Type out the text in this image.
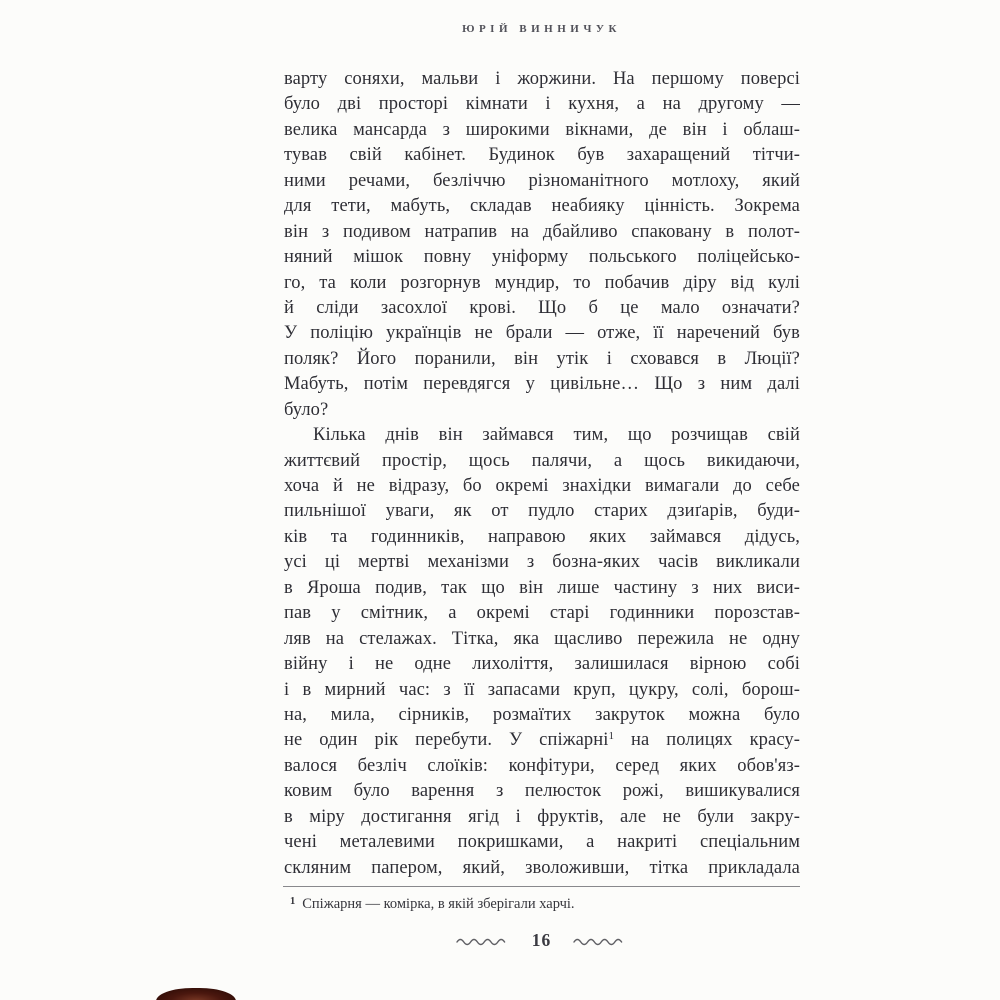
ЮРІЙ ВИННИЧУК
варту соняхи, мальви і жоржини. На першому поверсі
було дві просторі кімнати і кухня, а на другому —
велика мансарда з широкими вікнами, де він і облаш-
тував свій кабінет. Будинок був захаращений тітчи-
ними речами, безліччю різноманітного мотлоху, який
для тети, мабуть, складав неабияку цінність. Зокрема
він з подивом натрапив на дбайливо спаковану в полот-
няний мішок повну уніформу польського поліцейсько-
го, та коли розгорнув мундир, то побачив діру від кулі
й сліди засохлої крові. Що б це мало означати?
У поліцію українців не брали — отже, її наречений був
поляк? Його поранили, він утік і сховався в Люції?
Мабуть, потім перевдягся у цивільне… Що з ним далі
було?
Кілька днів він займався тим, що розчищав свій
життєвий простір, щось палячи, а щось викидаючи,
хоча й не відразу, бо окремі знахідки вимагали до себе
пильнішої уваги, як от пудло старих дзиґарів, буди-
ків та годинників, направою яких займався дідусь,
усі ці мертві механізми з бозна-яких часів викликали
в Яроша подив, так що він лише частину з них виси-
пав у смітник, а окремі старі годинники порозстав-
ляв на стелажах. Тітка, яка щасливо пережила не одну
війну і не одне лихоліття, залишилася вірною собі
і в мирний час: з її запасами круп, цукру, солі, борош-
на, мила, сірників, розмаїтих закруток можна було
не один рік перебути. У спіжарні$^1$ на полицях красу-
валося безліч слоїків: конфітури, серед яких обов'яз-
ковим було варення з пелюсток рожі, вишикувалися
в міру достигання ягід і фруктів, але не були закру-
чені металевими покришками, а накриті спеціальним
скляним папером, який, зволоживши, тітка прикладала
$^1$ Спіжарня — комірка, в якій зберігали харчі.
16
